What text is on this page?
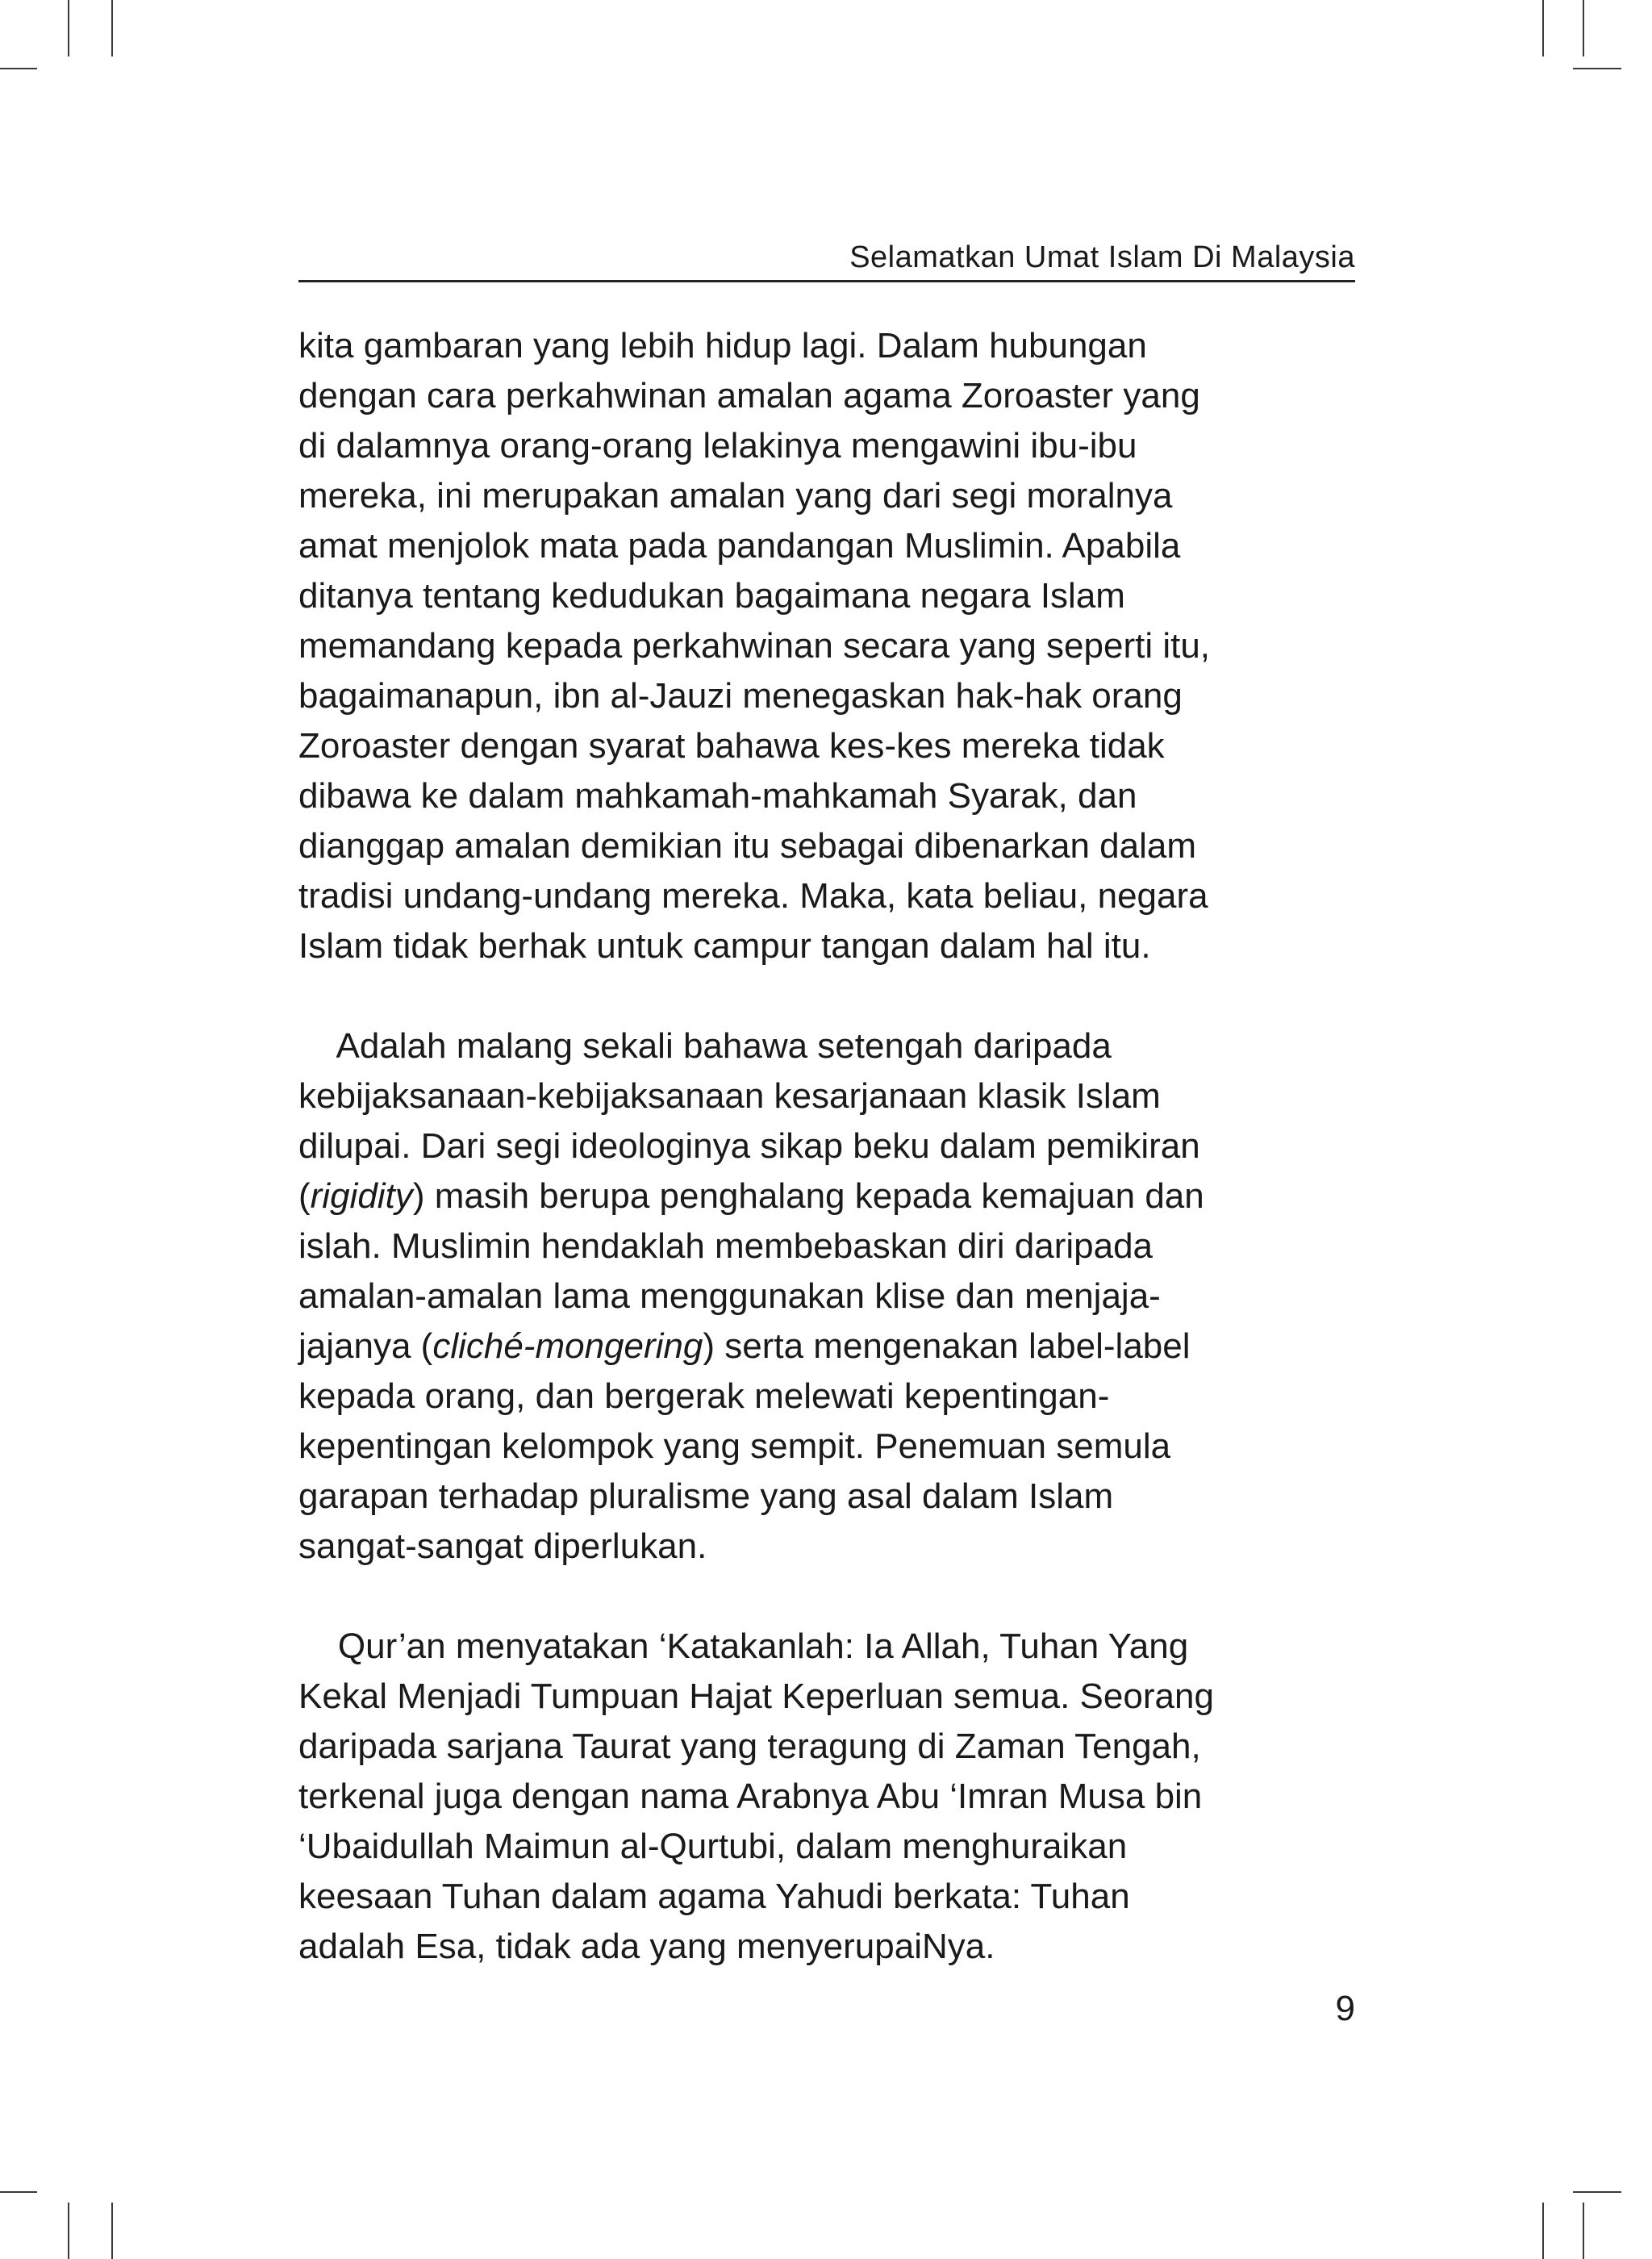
Selamatkan Umat Islam Di Malaysia

kita gambaran yang lebih hidup lagi. Dalam hubungan
dengan cara perkahwinan amalan agama Zoroaster yang
di dalamnya orang-orang lelakinya mengawini ibu-ibu
mereka, ini merupakan amalan yang dari segi moralnya
amat menjolok mata pada pandangan Muslimin. Apabila
ditanya tentang kedudukan bagaimana negara Islam
memandang kepada perkahwinan secara yang seperti itu,
bagaimanapun, ibn al-Jauzi menegaskan hak-hak orang
Zoroaster dengan syarat bahawa kes-kes mereka tidak
dibawa ke dalam mahkamah-mahkamah Syarak, dan
dianggap amalan demikian itu sebagai dibenarkan dalam
tradisi undang-undang mereka. Maka, kata beliau, negara
Islam tidak berhak untuk campur tangan dalam hal itu.

Adalah malang sekali bahawa setengah daripada
kebijaksanaan-kebijaksanaan kesarjanaan klasik Islam
dilupai. Dari segi ideologinya sikap beku dalam pemikiran
(rigidity) masih berupa penghalang kepada kemajuan dan
islah. Muslimin hendaklah membebaskan diri daripada
amalan-amalan lama menggunakan klise dan menjaja-
jajanya (cliché-mongering) serta mengenakan label-label
kepada orang, dan bergerak melewati kepentingan-
kepentingan kelompok yang sempit. Penemuan semula
garapan terhadap pluralisme yang asal dalam Islam
sangat-sangat diperlukan.

Qur’an menyatakan ‘Katakanlah: Ia Allah, Tuhan Yang
Kekal Menjadi Tumpuan Hajat Keperluan semua. Seorang
daripada sarjana Taurat yang teragung di Zaman Tengah,
terkenal juga dengan nama Arabnya Abu ‘Imran Musa bin
‘Ubaidullah Maimun al-Qurtubi, dalam menghuraikan
keesaan Tuhan dalam agama Yahudi berkata: Tuhan
adalah Esa, tidak ada yang menyerupaiNya.

9
